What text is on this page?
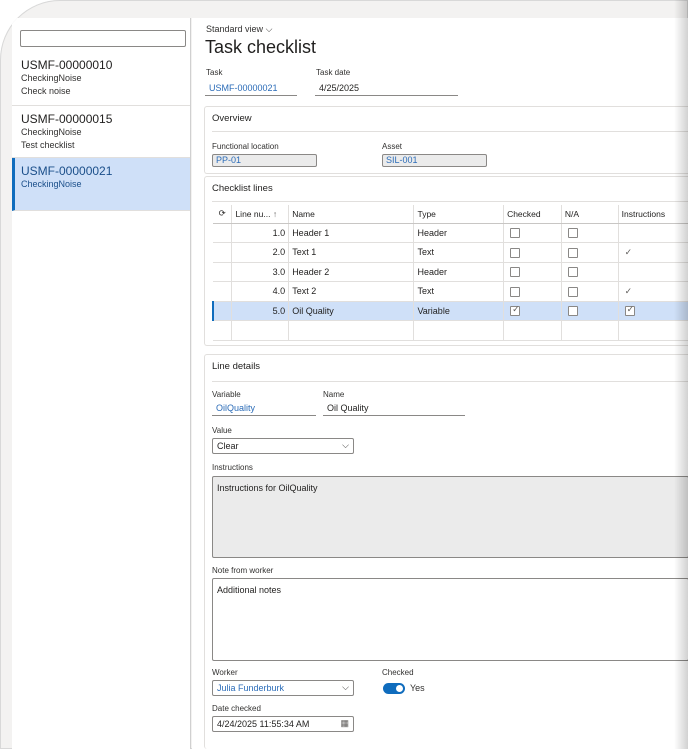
USMF-00000010
CheckingNoise
Check noise
USMF-00000015
CheckingNoise
Test checklist
USMF-00000021
CheckingNoise
Standard view ⌵
Task checklist
Task
USMF-00000021
Task date
4/25/2025
Overview
Functional location
PP-01
Asset
SIL-001
Checklist lines
⟳	Line nu... ↑	Name	Type	Checked	N/A	Instructions
	1.0	Header 1	Header			
	2.0	Text 1	Text			✓
	3.0	Header 2	Header			
	4.0	Text 2	Text			✓
	5.0	Oil Quality	Variable	✓		✓

Line details
Variable
OilQuality
Name
Oil Quality
Value
Clear	⌵
Instructions
Instructions for OilQuality
Note from worker
Additional notes
Worker
Julia Funderburk	⌵
Checked
Yes
Date checked
4/24/2025 11:55:34 AM	▦
